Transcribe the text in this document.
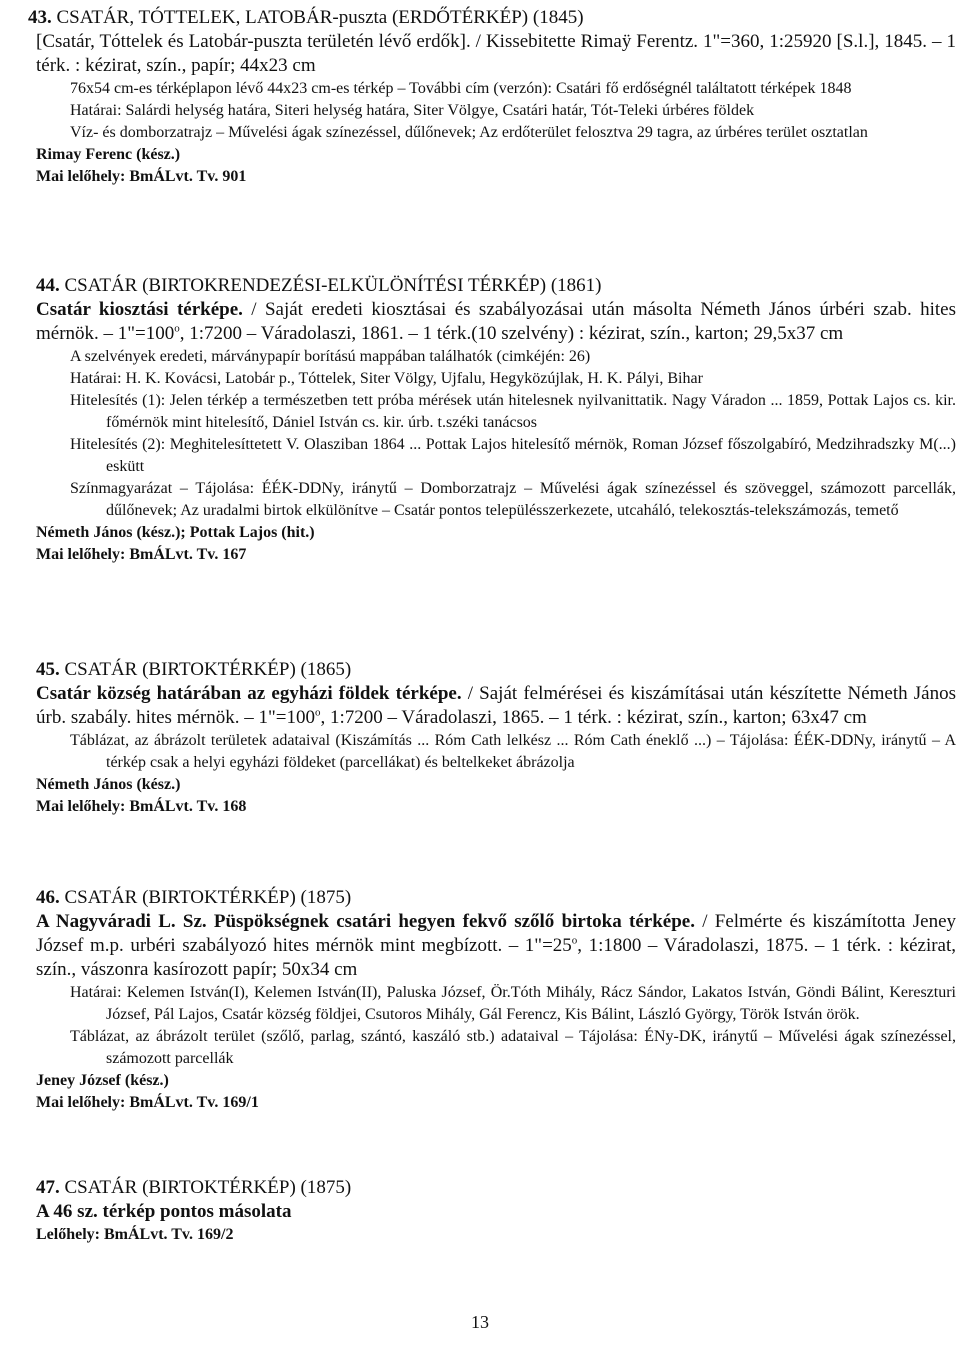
43. CSATÁR, TÓTTELEK, LATOBÁR-puszta (ERDŐTÉRKÉP) (1845)
[Csatár, Tóttelek és Latobár-puszta területén lévő erdők]. / Kissebitette Rimaÿ Ferentz. 1"=360, 1:25920 [S.l.], 1845. – 1 térk. : kézirat, szín., papír; 44x23 cm
76x54 cm-es térképlapon lévő 44x23 cm-es térkép – További cím (verzón): Csatári fő erdőségnél találtatott térképek 1848
Határai: Salárdi helység határa, Siteri helység határa, Siter Völgye, Csatári határ, Tót-Teleki úrbéres földek
Víz- és domborzatrajz – Művelési ágak színezéssel, dűlőnevek; Az erdőterület felosztva 29 tagra, az úrbéres terület osztatlan
Rimay Ferenc (kész.)
Mai lelőhely: BmÁLvt. Tv. 901
44. CSATÁR (BIRTOKRENDEZÉSI-ELKÜLÖNÍTÉSI TÉRKÉP) (1861)
Csatár kiosztási térképe. / Saját eredeti kiosztásai és szabályozásai után másolta Németh János úrbéri szab. hites mérnök. – $1"=100^o$, 1:7200 – Váradolaszi, 1861. – 1 térk.(10 szelvény) : kézirat, szín., karton; 29,5x37 cm
A szelvények eredeti, márványpapír borítású mappában találhatók (cimkéjén: 26)
Határai: H. K. Kovácsi, Latobár p., Tóttelek, Siter Völgy, Ujfalu, Hegyközújlak, H. K. Pályi, Bihar
Hitelesítés (1): Jelen térkép a természetben tett próba mérések után hitelesnek nyilvanittatik. Nagy Váradon ... 1859, Pottak Lajos cs. kir. főmérnök mint hitelesítő, Dániel István cs. kir. úrb. t.széki tanácsos
Hitelesítés (2): Meghitelesíttetett V. Olasziban 1864 ... Pottak Lajos hitelesítő mérnök, Roman József főszolgabíró, Medzihradszky M(...) eskütt
Színmagyarázat – Tájolása: ÉÉK-DDNy, iránytű – Domborzatrajz – Művelési ágak színezéssel és szöveggel, számozott parcellák, dűlőnevek; Az uradalmi birtok elkülönítve – Csatár pontos településszerkezete, utcaháló, telekosztás-telekszámozás, temető
Németh János (kész.); Pottak Lajos (hit.)
Mai lelőhely: BmÁLvt. Tv. 167
45. CSATÁR (BIRTOKTÉRKÉP) (1865)
Csatár község határában az egyházi földek térképe. / Saját felmérései és kiszámításai után készítette Németh János úrb. szabály. hites mérnök. – $1"=100^o$, 1:7200 – Váradolaszi, 1865. – 1 térk. : kézirat, szín., karton; 63x47 cm
Táblázat, az ábrázolt területek adataival (Kiszámítás ... Róm Cath lelkész ... Róm Cath éneklő ...) – Tájolása: ÉÉK-DDNy, iránytű – A térkép csak a helyi egyházi földeket (parcellákat) és beltelkeket ábrázolja
Németh János (kész.)
Mai lelőhely: BmÁLvt. Tv. 168
46. CSATÁR (BIRTOKTÉRKÉP) (1875)
A Nagyváradi L. Sz. Püspökségnek csatári hegyen fekvő szőlő birtoka térképe. / Felmérte és kiszámította Jeney József m.p. urbéri szabályozó hites mérnök mint megbízott. – $1"=25^o$, 1:1800 – Váradolaszi, 1875. – 1 térk. : kézirat, szín., vászonra kasírozott papír; 50x34 cm
Határai: Kelemen István(I), Kelemen István(II), Paluska József, Ör.Tóth Mihály, Rácz Sándor, Lakatos István, Göndi Bálint, Kereszturi József, Pál Lajos, Csatár község földjei, Csutoros Mihály, Gál Ferencz, Kis Bálint, László György, Török István örök.
Táblázat, az ábrázolt terület (szőlő, parlag, szántó, kaszáló stb.) adataival – Tájolása: ÉNy-DK, iránytű – Művelési ágak színezéssel, számozott parcellák
Jeney József (kész.)
Mai lelőhely: BmÁLvt. Tv. 169/1
47. CSATÁR (BIRTOKTÉRKÉP) (1875)
A 46 sz. térkép pontos másolata
Lelőhely: BmÁLvt. Tv. 169/2
13
